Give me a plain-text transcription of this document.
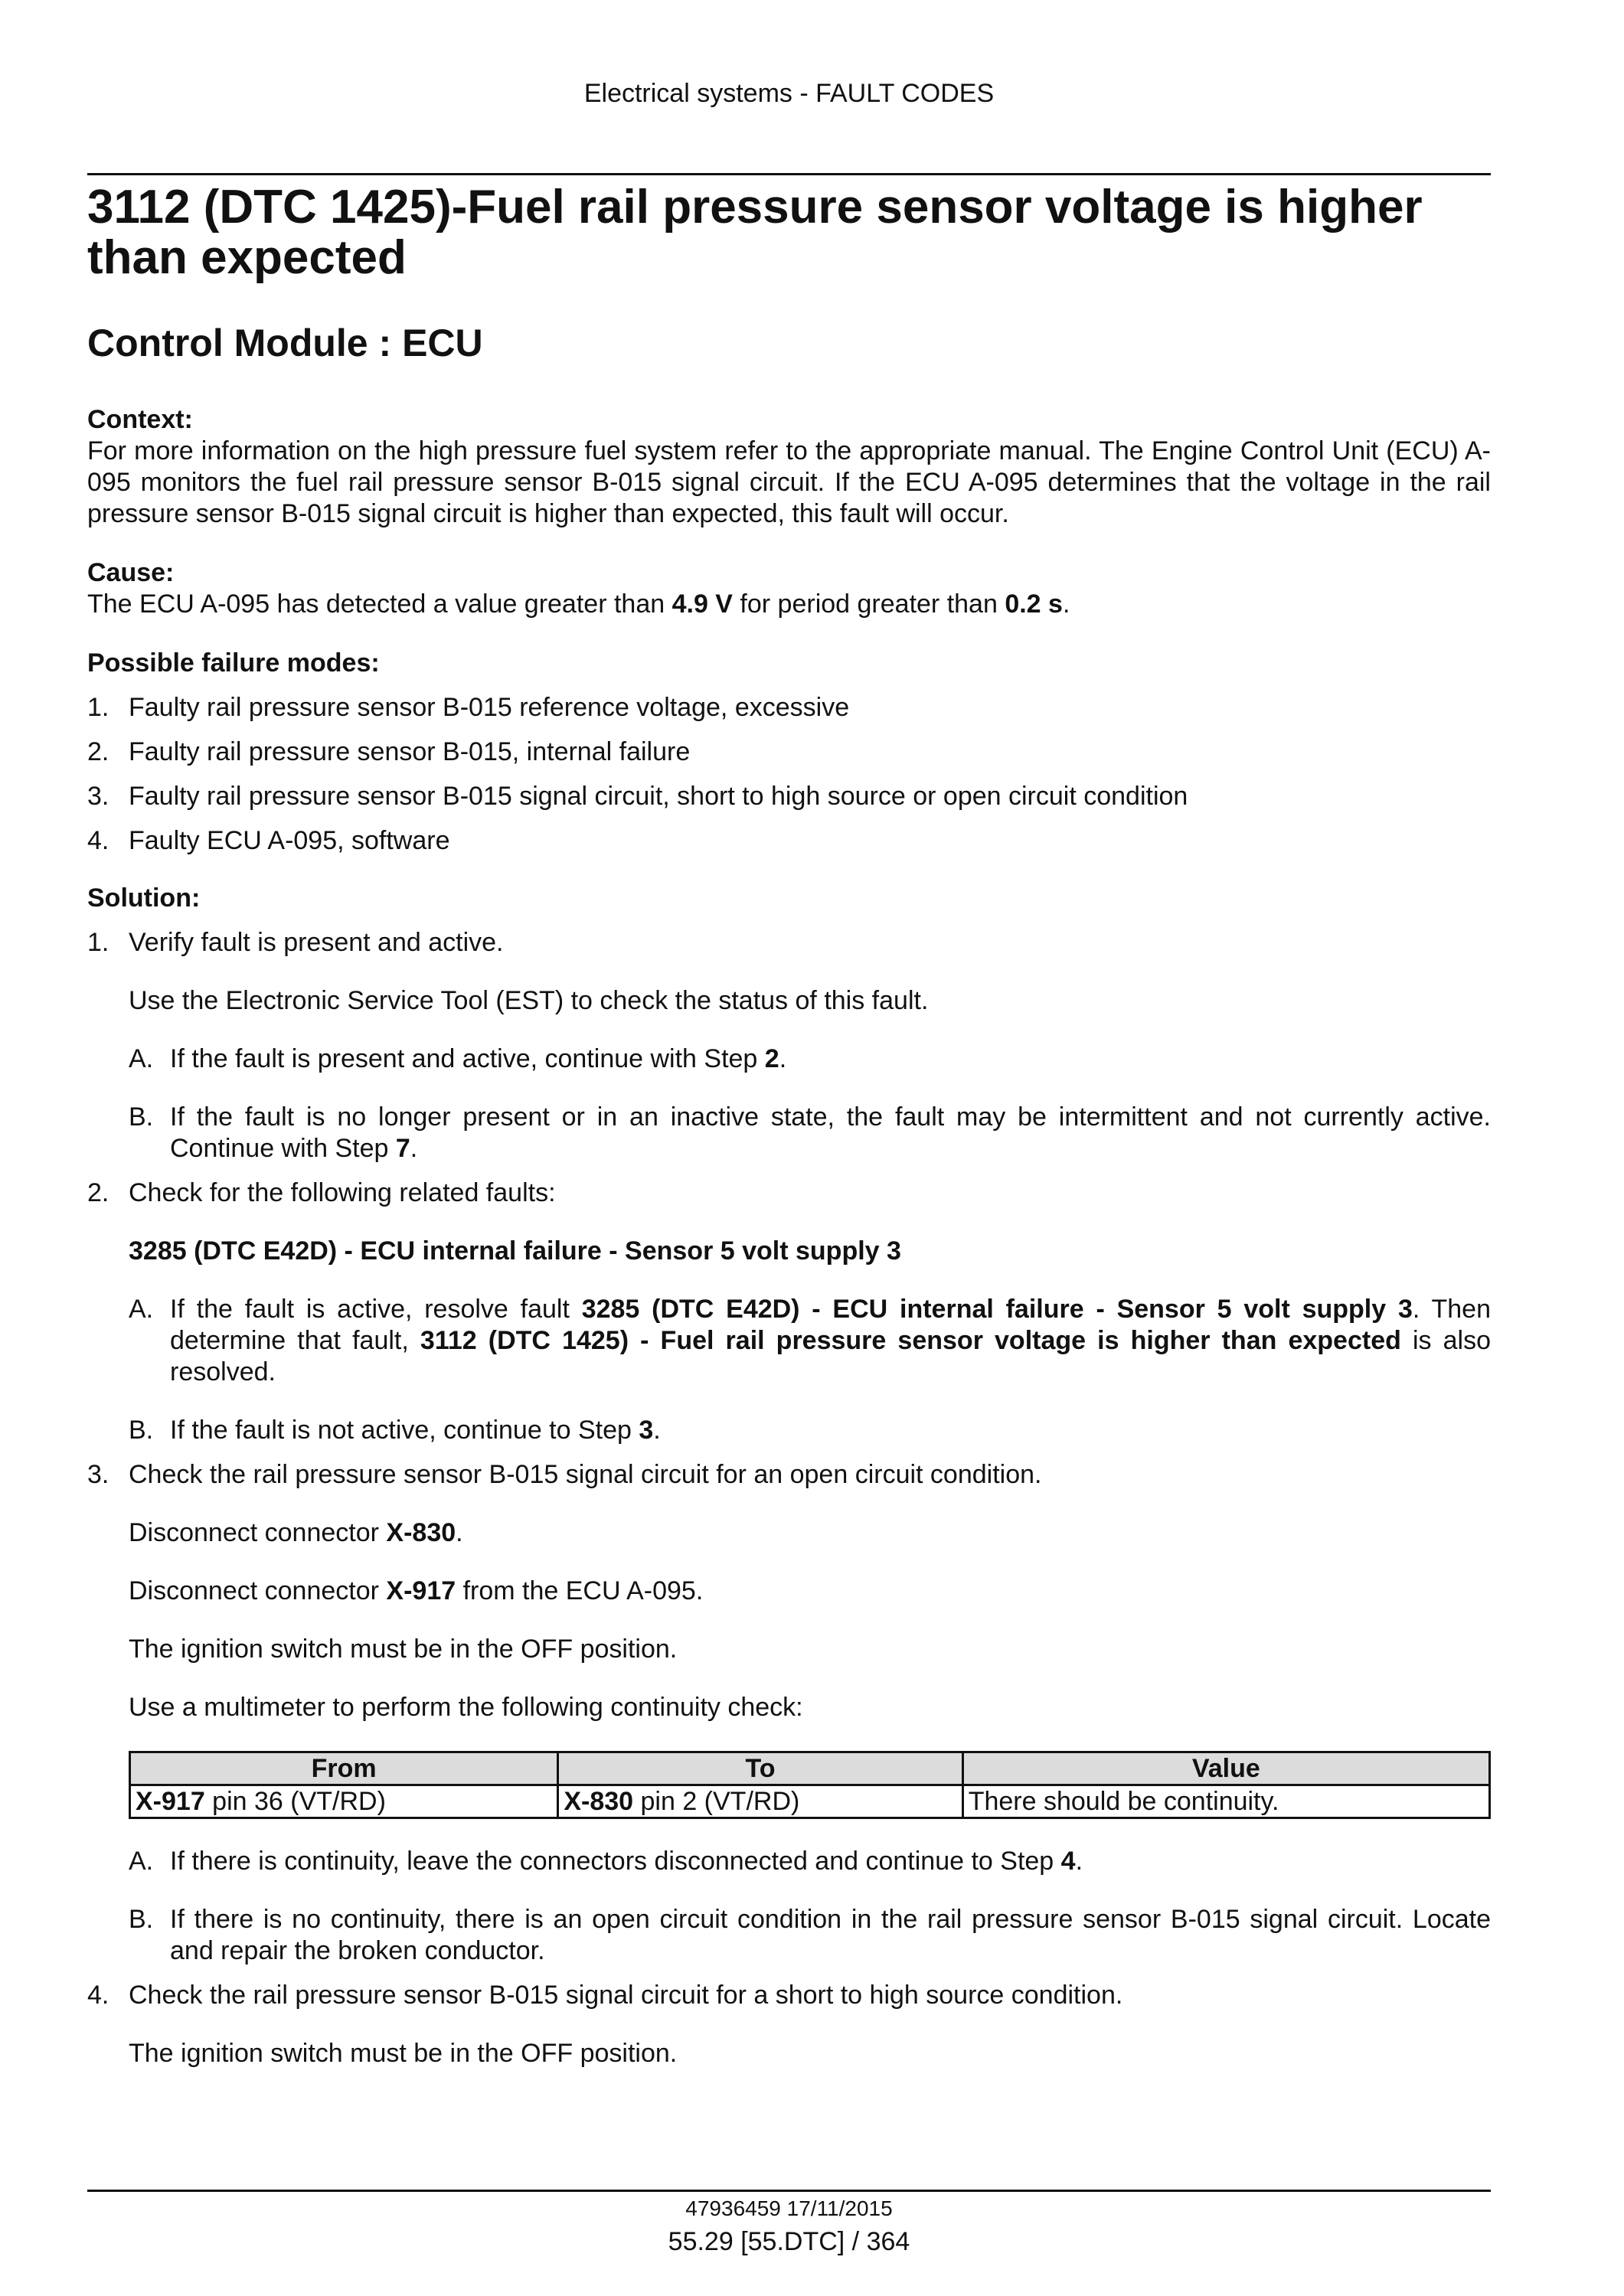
Electrical systems - FAULT CODES
3112 (DTC 1425)-Fuel rail pressure sensor voltage is higher than expected
Control Module : ECU

Context:

For more information on the high pressure fuel system refer to the appropriate manual. The Engine Control Unit (ECU) A-095 monitors the fuel rail pressure sensor B-015 signal circuit. If the ECU A-095 determines that the voltage in the rail pressure sensor B-015 signal circuit is higher than expected, this fault will occur.

Cause:

The ECU A-095 has detected a value greater than 4.9 V for period greater than 0.2 s.

Possible failure modes:

1. Faulty rail pressure sensor B-015 reference voltage, excessive
2. Faulty rail pressure sensor B-015, internal failure
3. Faulty rail pressure sensor B-015 signal circuit, short to high source or open circuit condition
4. Faulty ECU A-095, software

Solution:

1. Verify fault is present and active.

Use the Electronic Service Tool (EST) to check the status of this fault.

A. If the fault is present and active, continue with Step 2.

B. If the fault is no longer present or in an inactive state, the fault may be intermittent and not currently active. Continue with Step 7.

2. Check for the following related faults:

3285 (DTC E42D) - ECU internal failure - Sensor 5 volt supply 3

A. If the fault is active, resolve fault 3285 (DTC E42D) - ECU internal failure - Sensor 5 volt supply 3. Then determine that fault, 3112 (DTC 1425) - Fuel rail pressure sensor voltage is higher than expected is also resolved.

B. If the fault is not active, continue to Step 3.

3. Check the rail pressure sensor B-015 signal circuit for an open circuit condition.

Disconnect connector X-830.

Disconnect connector X-917 from the ECU A-095.

The ignition switch must be in the OFF position.

Use a multimeter to perform the following continuity check:

From	To	Value
X-917 pin 36 (VT/RD)	X-830 pin 2 (VT/RD)	There should be continuity.

A. If there is continuity, leave the connectors disconnected and continue to Step 4.

B. If there is no continuity, there is an open circuit condition in the rail pressure sensor B-015 signal circuit. Locate and repair the broken conductor.

4. Check the rail pressure sensor B-015 signal circuit for a short to high source condition.

The ignition switch must be in the OFF position.

47936459 17/11/2015
55.29 [55.DTC] / 364
